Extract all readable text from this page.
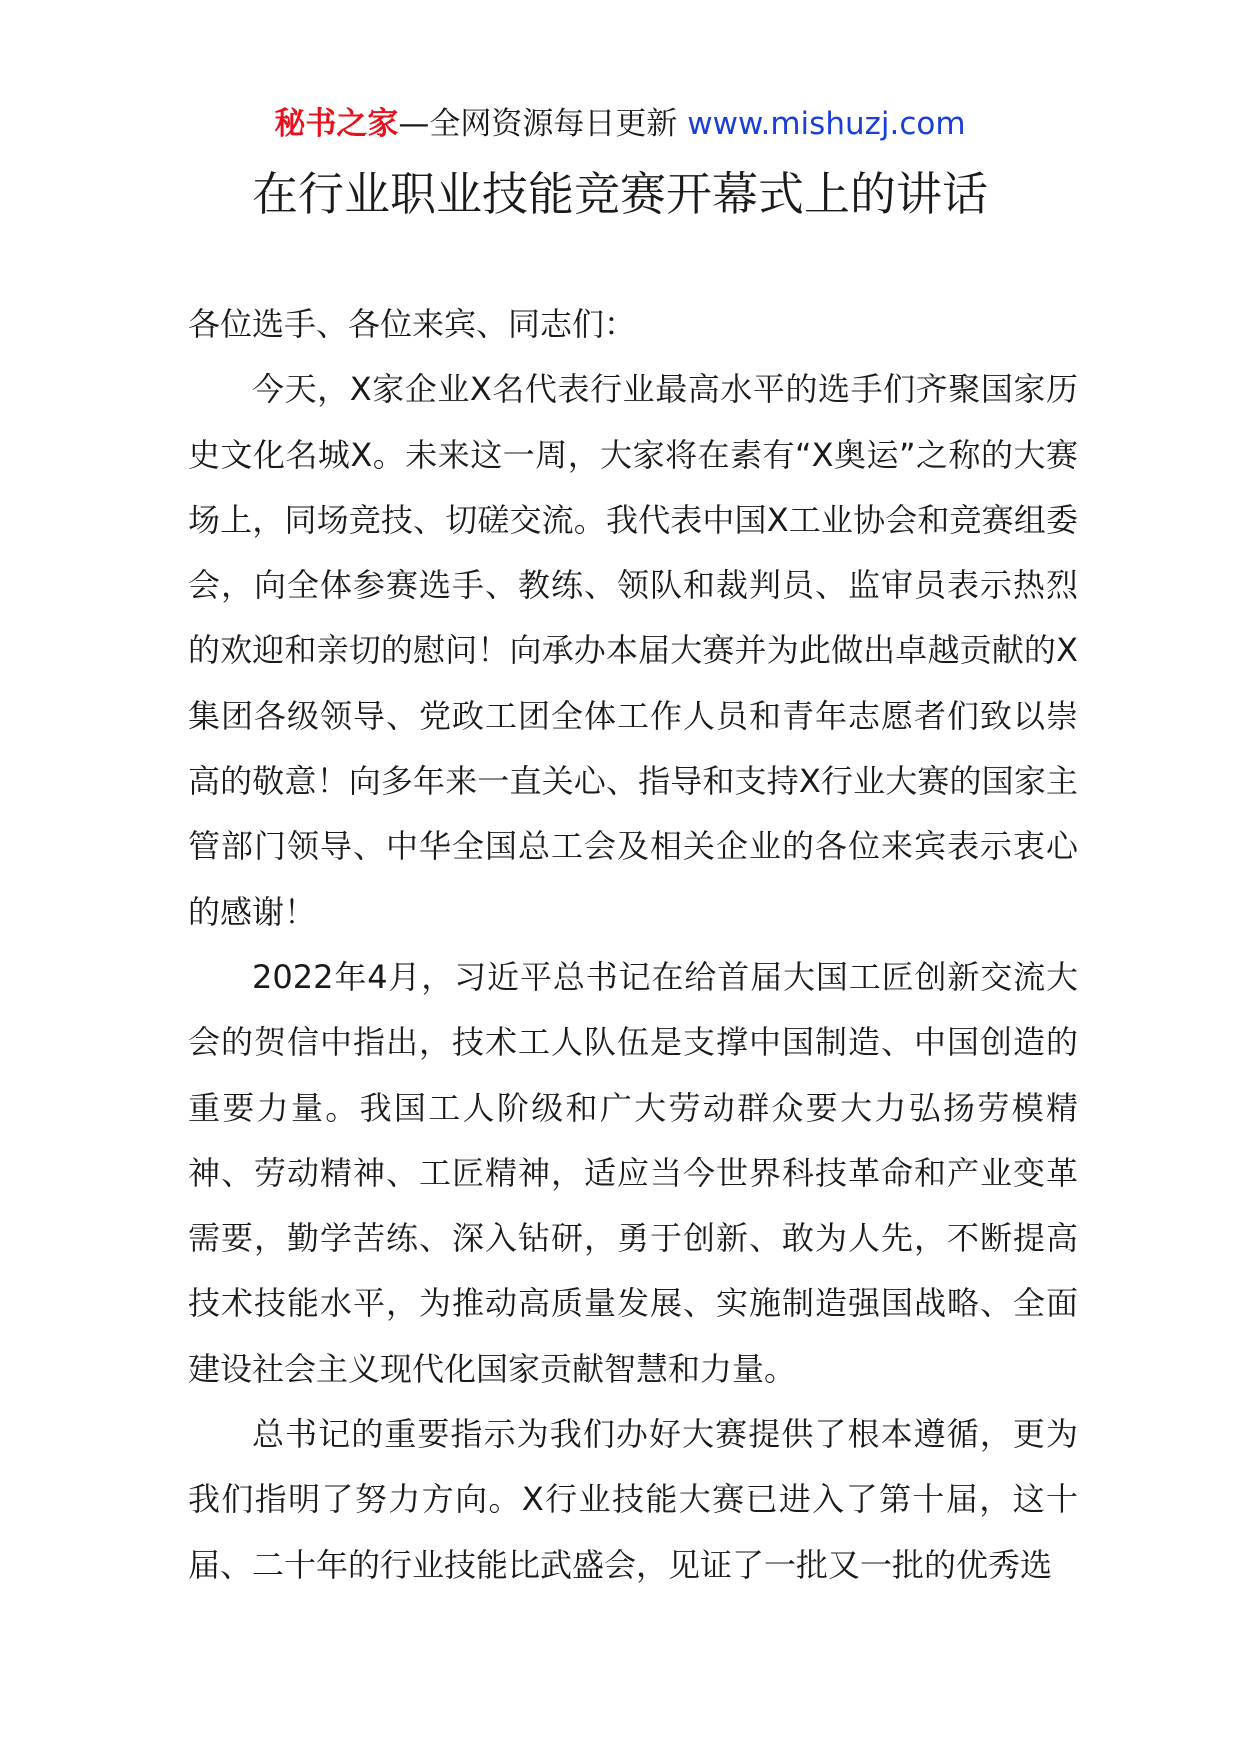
秘书之家—全网资源每日更新 www.mishuzj.com
在行业职业技能竞赛开幕式上的讲话

各位选手、各位来宾、同志们：

今天，X家企业X名代表行业最高水平的选手们齐聚国家历史文化名城X。未来这一周，大家将在素有“X奥运”之称的大赛场上，同场竞技、切磋交流。我代表中国X工业协会和竞赛组委会，向全体参赛选手、教练、领队和裁判员、监审员表示热烈的欢迎和亲切的慰问！向承办本届大赛并为此做出卓越贡献的X集团各级领导、党政工团全体工作人员和青年志愿者们致以崇高的敬意！向多年来一直关心、指导和支持X行业大赛的国家主管部门领导、中华全国总工会及相关企业的各位来宾表示衷心的感谢！

2022年4月，习近平总书记在给首届大国工匠创新交流大会的贺信中指出，技术工人队伍是支撑中国制造、中国创造的重要力量。我国工人阶级和广大劳动群众要大力弘扬劳模精神、劳动精神、工匠精神，适应当今世界科技革命和产业变革需要，勤学苦练、深入钻研，勇于创新、敢为人先，不断提高技术技能水平，为推动高质量发展、实施制造强国战略、全面建设社会主义现代化国家贡献智慧和力量。

总书记的重要指示为我们办好大赛提供了根本遵循，更为我们指明了努力方向。X行业技能大赛已进入了第十届，这十届、二十年的行业技能比武盛会，见证了一批又一批的优秀选
